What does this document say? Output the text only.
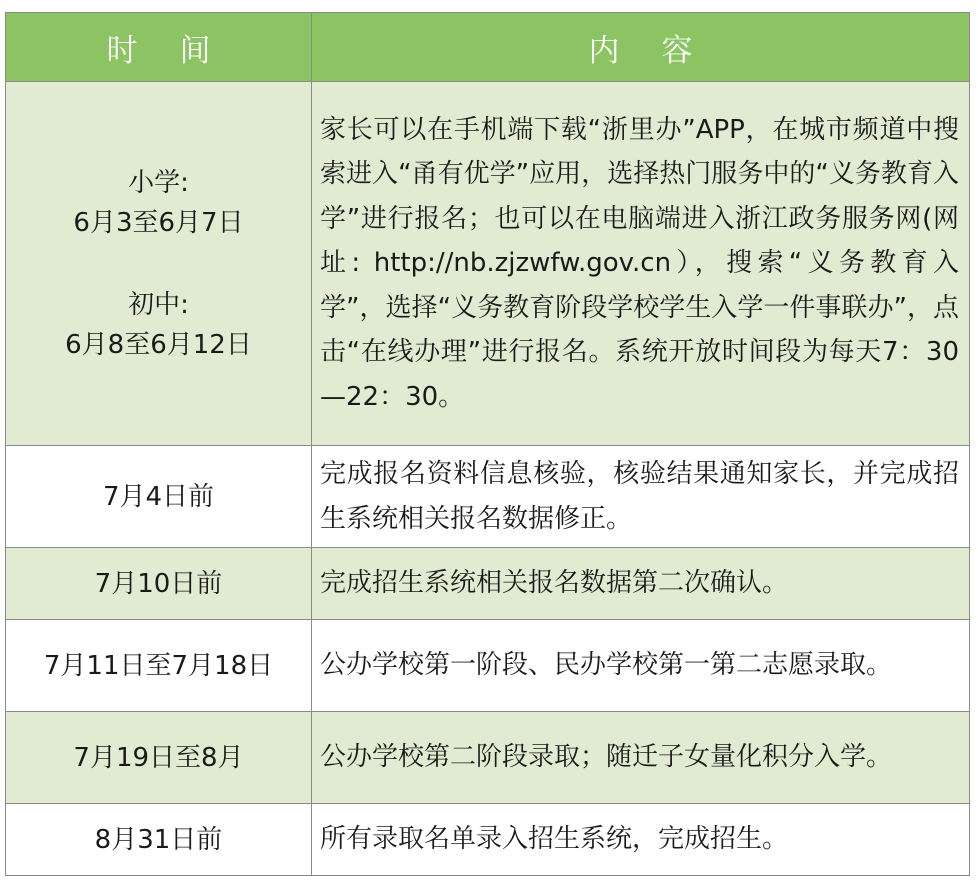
时间	内容

小学:
6月3至6月7日
初中:
6月8至6月12日	家长可以在手机端下载“浙里办”APP，在城市频道中搜索进入“甬有优学”应用，选择热门服务中的“义务教育入学”进行报名；也可以在电脑端进入浙江政务服务网(网址: http://nb.zjzwfw.gov.cn），搜索“义务教育入学”，选择“义务教育阶段学校学生入学一件事联办”，点击“在线办理”进行报名。系统开放时间段为每天7：30—22：30。
7月4日前	完成报名资料信息核验，核验结果通知家长，并完成招生系统相关报名数据修正。
7月10日前	完成招生系统相关报名数据第二次确认。
7月11日至7月18日	公办学校第一阶段、民办学校第一第二志愿录取。
7月19日至8月	公办学校第二阶段录取；随迁子女量化积分入学。
8月31日前	所有录取名单录入招生系统，完成招生。
